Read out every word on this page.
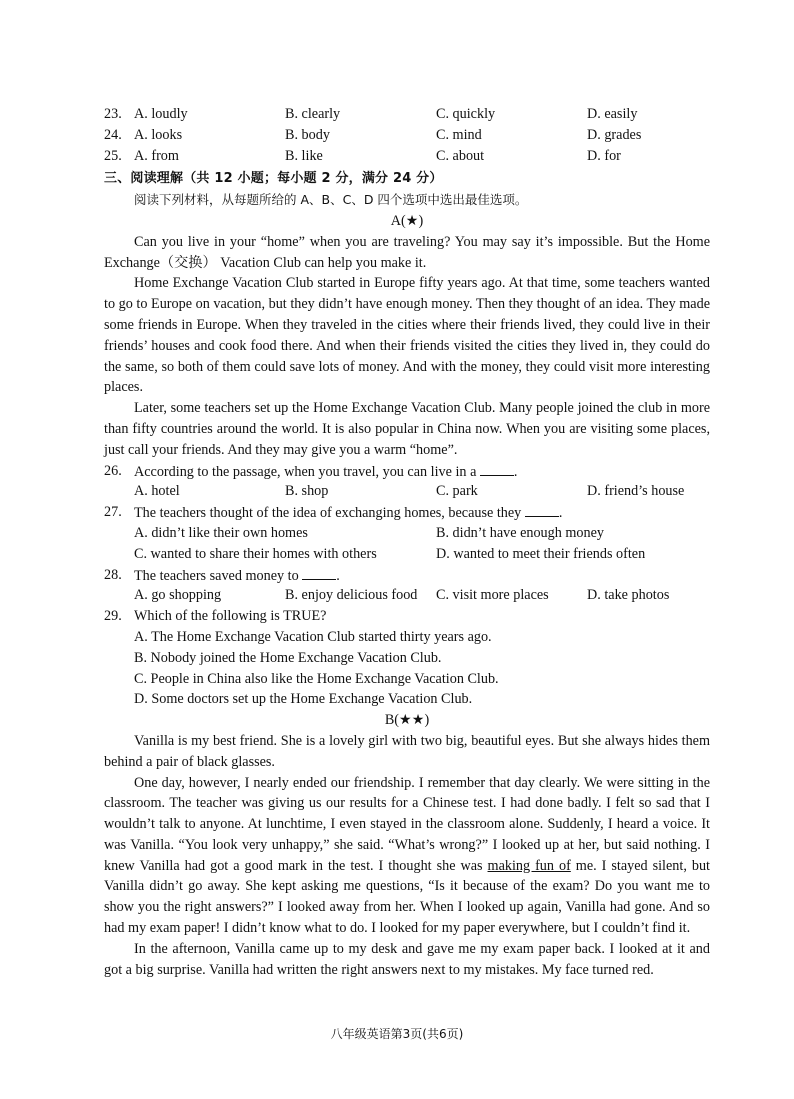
23. A. loudly	B. clearly	C. quickly	D. easily
24. A. looks	B. body	C. mind	D. grades
25. A. from	B. like	C. about	D. for
三、阅读理解（共 12 小题；每小题 2 分，满分 24 分）
阅读下列材料，从每题所给的 A、B、C、D 四个选项中选出最佳选项。
A(★)

Can you live in your “home” when you are traveling? You may say it’s impossible. But the Home Exchange（交换） Vacation Club can help you make it.

Home Exchange Vacation Club started in Europe fifty years ago. At that time, some teachers wanted to go to Europe on vacation, but they didn’t have enough money. Then they thought of an idea. They made some friends in Europe. When they traveled in the cities where their friends lived, they could live in their friends’ houses and cook food there. And when their friends visited the cities they lived in, they could do the same, so both of them could save lots of money. And with the money, they could visit more interesting places.

Later, some teachers set up the Home Exchange Vacation Club. Many people joined the club in more than fifty countries around the world. It is also popular in China now. When you are visiting some places, just call your friends. And they may give you a warm “home”.

26. According to the passage, when you travel, you can live in a	.
A. hotel	B. shop	C. park	D. friend’s house
27. The teachers thought of the idea of exchanging homes, because they	.
A. didn’t like their own homes	B. didn’t have enough money
C. wanted to share their homes with others	D. wanted to meet their friends often
28. The teachers saved money to	.
A. go shopping	B. enjoy delicious food	C. visit more places	D. take photos
29. Which of the following is TRUE?
A. The Home Exchange Vacation Club started thirty years ago.
B. Nobody joined the Home Exchange Vacation Club.
C. People in China also like the Home Exchange Vacation Club.
D. Some doctors set up the Home Exchange Vacation Club.
B(★★)

Vanilla is my best friend. She is a lovely girl with two big, beautiful eyes. But she always hides them behind a pair of black glasses.

One day, however, I nearly ended our friendship. I remember that day clearly. We were sitting in the classroom. The teacher was giving us our results for a Chinese test. I had done badly. I felt so sad that I wouldn’t talk to anyone. At lunchtime, I even stayed in the classroom alone. Suddenly, I heard a voice. It was Vanilla. “You look very unhappy,” she said. “What’s wrong?” I looked up at her, but said nothing. I knew Vanilla had got a good mark in the test. I thought she was making fun of me. I stayed silent, but Vanilla didn’t go away. She kept asking me questions, “Is it because of the exam? Do you want me to show you the right answers?” I looked away from her. When I looked up again, Vanilla had gone. And so had my exam paper! I didn’t know what to do. I looked for my paper everywhere, but I couldn’t find it.

In the afternoon, Vanilla came up to my desk and gave me my exam paper back. I looked at it and got a big surprise. Vanilla had written the right answers next to my mistakes. My face turned red.

八年级英语第3页(共6页)
